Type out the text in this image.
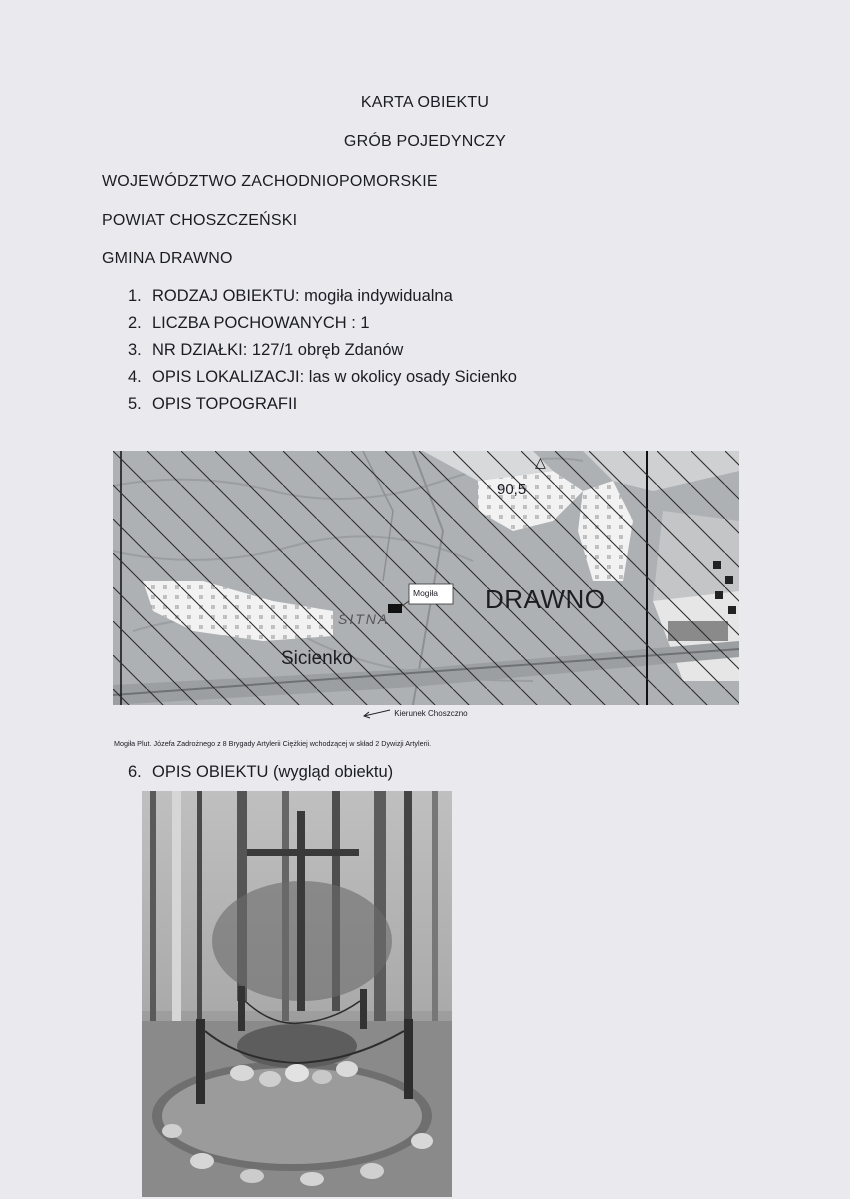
KARTA OBIEKTU
GRÓB POJEDYNCZY
WOJEWÓDZTWO ZACHODNIOPOMORSKIE
POWIAT CHOSZCZEŃSKI
GMINA DRAWNO
1. RODZAJ OBIEKTU: mogiła indywidualna
2. LICZBA POCHOWANYCH : 1
3. NR DZIAŁKI: 127/1 obręb Zdanów
4. OPIS LOKALIZACJI: las w okolicy osady Sicienko
5. OPIS TOPOGRAFII
△
90,5
Mogiła
SITNA
Sicienko
DRAWNO
Kierunek Choszczno
Mogiła Plut. Józefa Zadrożnego z 8 Brygady Artylerii Ciężkiej wchodzącej w skład 2 Dywizji Artylerii.
6. OPIS OBIEKTU (wygląd obiektu)
